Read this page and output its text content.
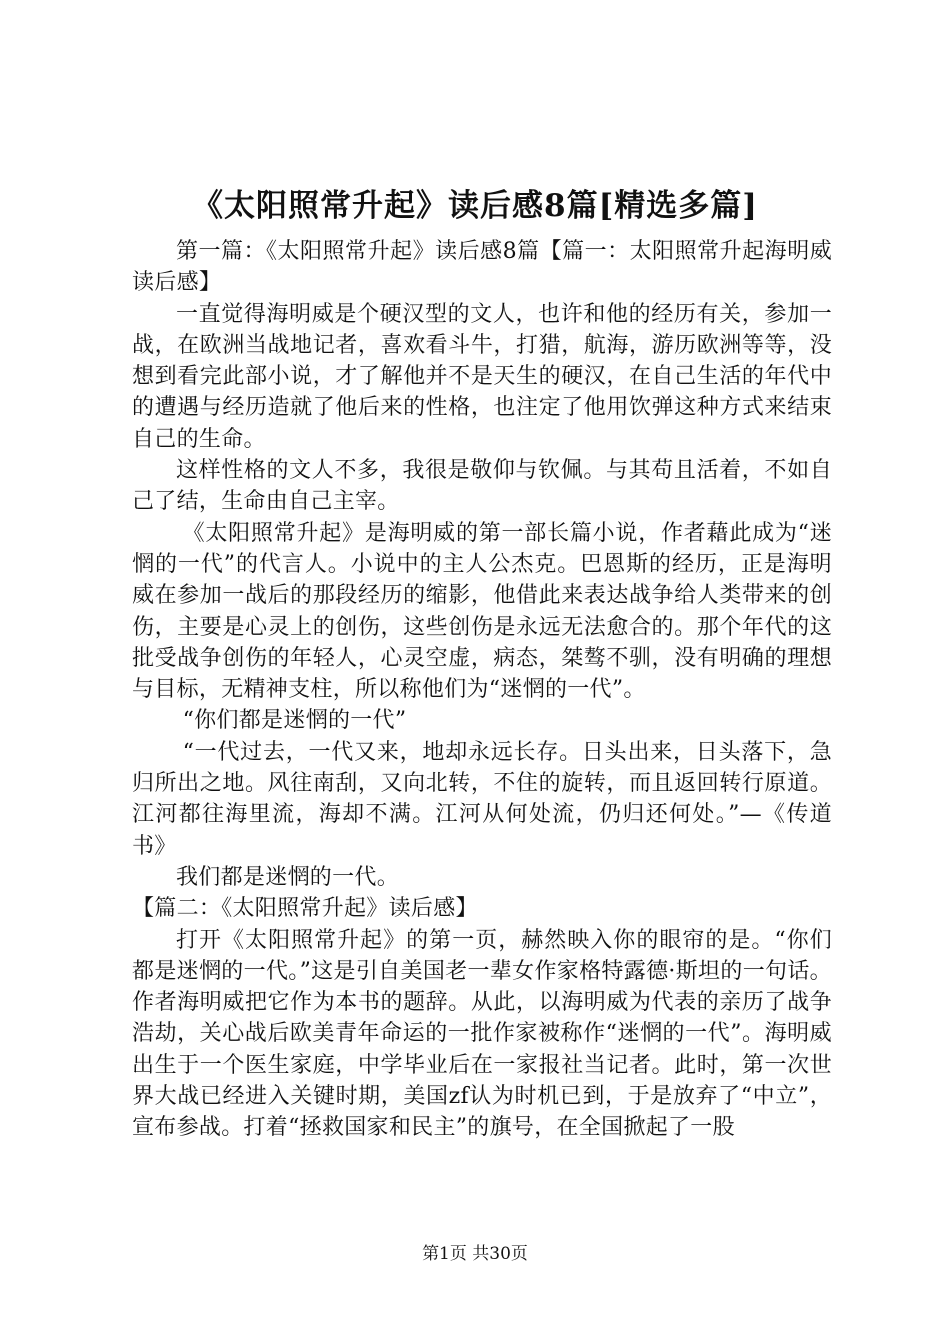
《太阳照常升起》读后感8篇[精选多篇]

第一篇：《太阳照常升起》读后感8篇【篇一：太阳照常升起海明威读后感】

一直觉得海明威是个硬汉型的文人，也许和他的经历有关，参加一战，在欧洲当战地记者，喜欢看斗牛，打猎，航海，游历欧洲等等，没想到看完此部小说，才了解他并不是天生的硬汉，在自己生活的年代中的遭遇与经历造就了他后来的性格，也注定了他用饮弹这种方式来结束自己的生命。

这样性格的文人不多，我很是敬仰与钦佩。与其苟且活着，不如自己了结，生命由自己主宰。

《太阳照常升起》是海明威的第一部长篇小说，作者藉此成为“迷惘的一代”的代言人。小说中的主人公杰克。巴恩斯的经历，正是海明威在参加一战后的那段经历的缩影，他借此来表达战争给人类带来的创伤，主要是心灵上的创伤，这些创伤是永远无法愈合的。那个年代的这批受战争创伤的年轻人，心灵空虚，病态，桀骜不驯，没有明确的理想与目标，无精神支柱，所以称他们为“迷惘的一代”。

“你们都是迷惘的一代”

“一代过去，一代又来，地却永远长存。日头出来，日头落下，急归所出之地。风往南刮，又向北转，不住的旋转，而且返回转行原道。江河都往海里流，海却不满。江河从何处流，仍归还何处。”—《传道书》

我们都是迷惘的一代。

【篇二：《太阳照常升起》读后感】

打开《太阳照常升起》的第一页，赫然映入你的眼帘的是。“你们都是迷惘的一代。”这是引自美国老一辈女作家格特露德·斯坦的一句话。作者海明威把它作为本书的题辞。从此，以海明威为代表的亲历了战争浩劫，关心战后欧美青年命运的一批作家被称作“迷惘的一代”。海明威出生于一个医生家庭，中学毕业后在一家报社当记者。此时，第一次世界大战已经进入关键时期，美国zf认为时机已到，于是放弃了“中立”，宣布参战。打着“拯救国家和民主”的旗号，在全国掀起了一股

第1页 共30页
